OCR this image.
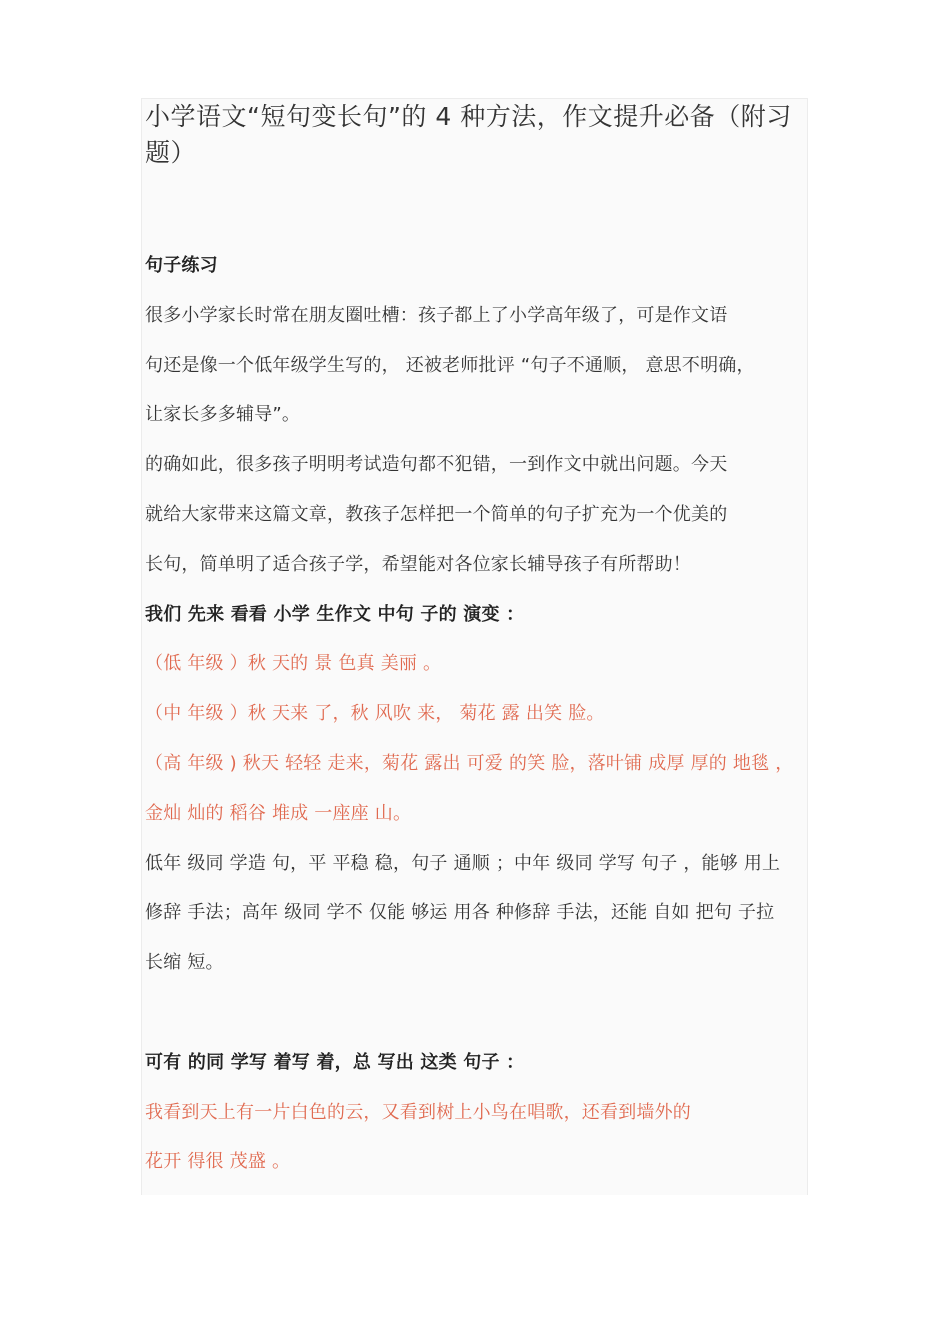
小学语文“短句变长句”的 4 种方法，作文提升必备（附习题）
句子练习
很多小学家长时常在朋友圈吐槽：孩子都上了小学高年级了，可是作文语
句还是像一个低年级学生写的， 还被老师批评 “句子不通顺， 意思不明确，
让家长多多辅导”。
的确如此，很多孩子明明考试造句都不犯错，一到作文中就出问题。今天
就给大家带来这篇文章，教孩子怎样把一个简单的句子扩充为一个优美的
长句，简单明了适合孩子学，希望能对各位家长辅导孩子有所帮助！
我们 先来 看看 小学 生作文 中句 子的 演变 ：
（低 年级 ）秋 天的 景 色真 美丽 。
（中 年级 ）秋 天来 了，秋 风吹 来， 菊花 露 出笑 脸。
（高 年级 ) 秋天 轻轻 走来，菊花 露出 可爱 的笑 脸，落叶铺 成厚 厚的 地毯 ，
金灿 灿的 稻谷 堆成 一座座 山。
低年 级同 学造 句，平 平稳 稳，句子 通顺 ；中年 级同 学写 句子 ，能够 用上
修辞 手法；高年 级同 学不 仅能 够运 用各 种修辞 手法，还能 自如 把句 子拉
长缩 短。
可有 的同 学写 着写 着，总 写出 这类 句子 ：
我看到天上有一片白色的云，又看到树上小鸟在唱歌，还看到墙外的
花开 得很 茂盛 。
